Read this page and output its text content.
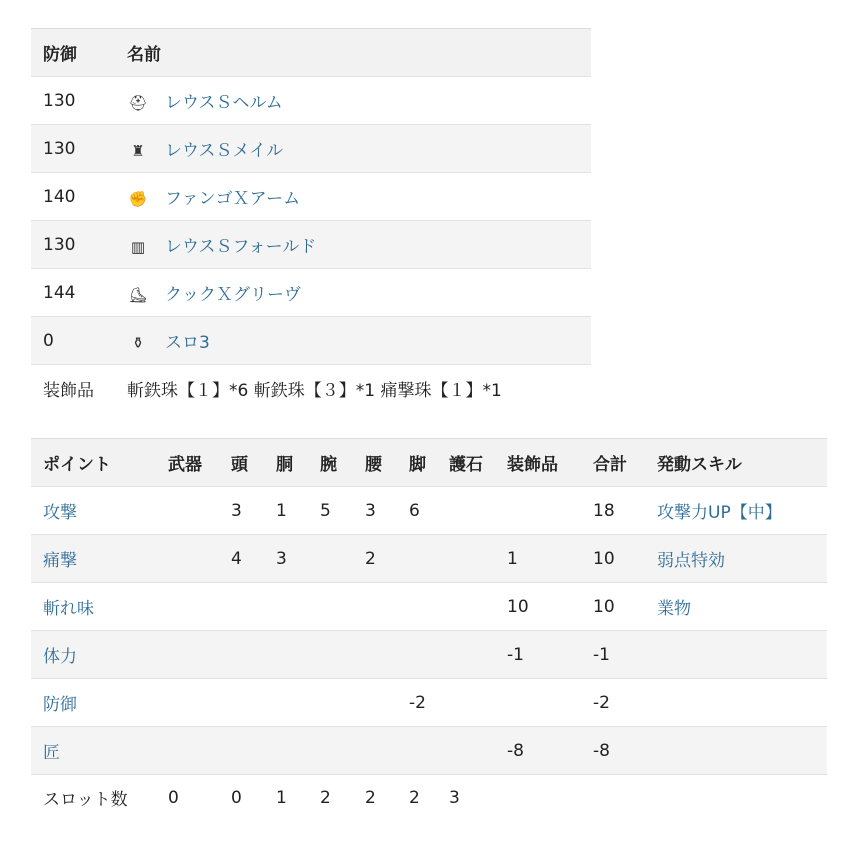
防御	名前
130	⛑ レウスＳヘルム
130	♜ レウスＳメイル
140	✊ ファンゴＸアーム
130	▥ レウスＳフォールド
144	⛸ クックＸグリーヴ
0	⚱ スロ3
装飾品	斬鉄珠【１】*6 斬鉄珠【３】*1 痛撃珠【１】*1
ポイント	武器	頭	胴	腕	腰	脚	護石	装飾品	合計	発動スキル
攻撃		3	1	5	3	6			18	攻撃力UP【中】
痛撃		4	3		2			1	10	弱点特効
斬れ味								10	10	業物
体力								-1	-1	
防御						-2			-2	
匠								-8	-8	
スロット数	0	0	1	2	2	2	3			
